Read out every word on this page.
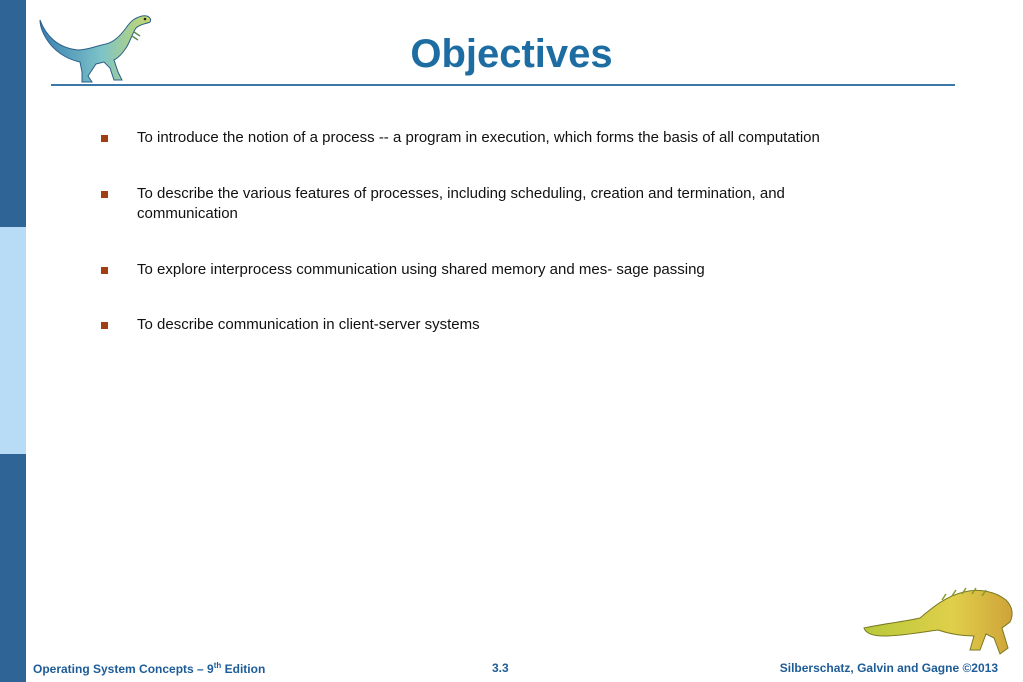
Objectives
To introduce the notion of a process -- a program in execution, which forms the basis of all computation
To describe the various features of processes, including scheduling, creation and termination, and communication
To explore interprocess communication using shared memory and mes- sage passing
To describe communication in client-server systems
Operating System Concepts – 9th Edition	3.3	Silberschatz, Galvin and Gagne ©2013
